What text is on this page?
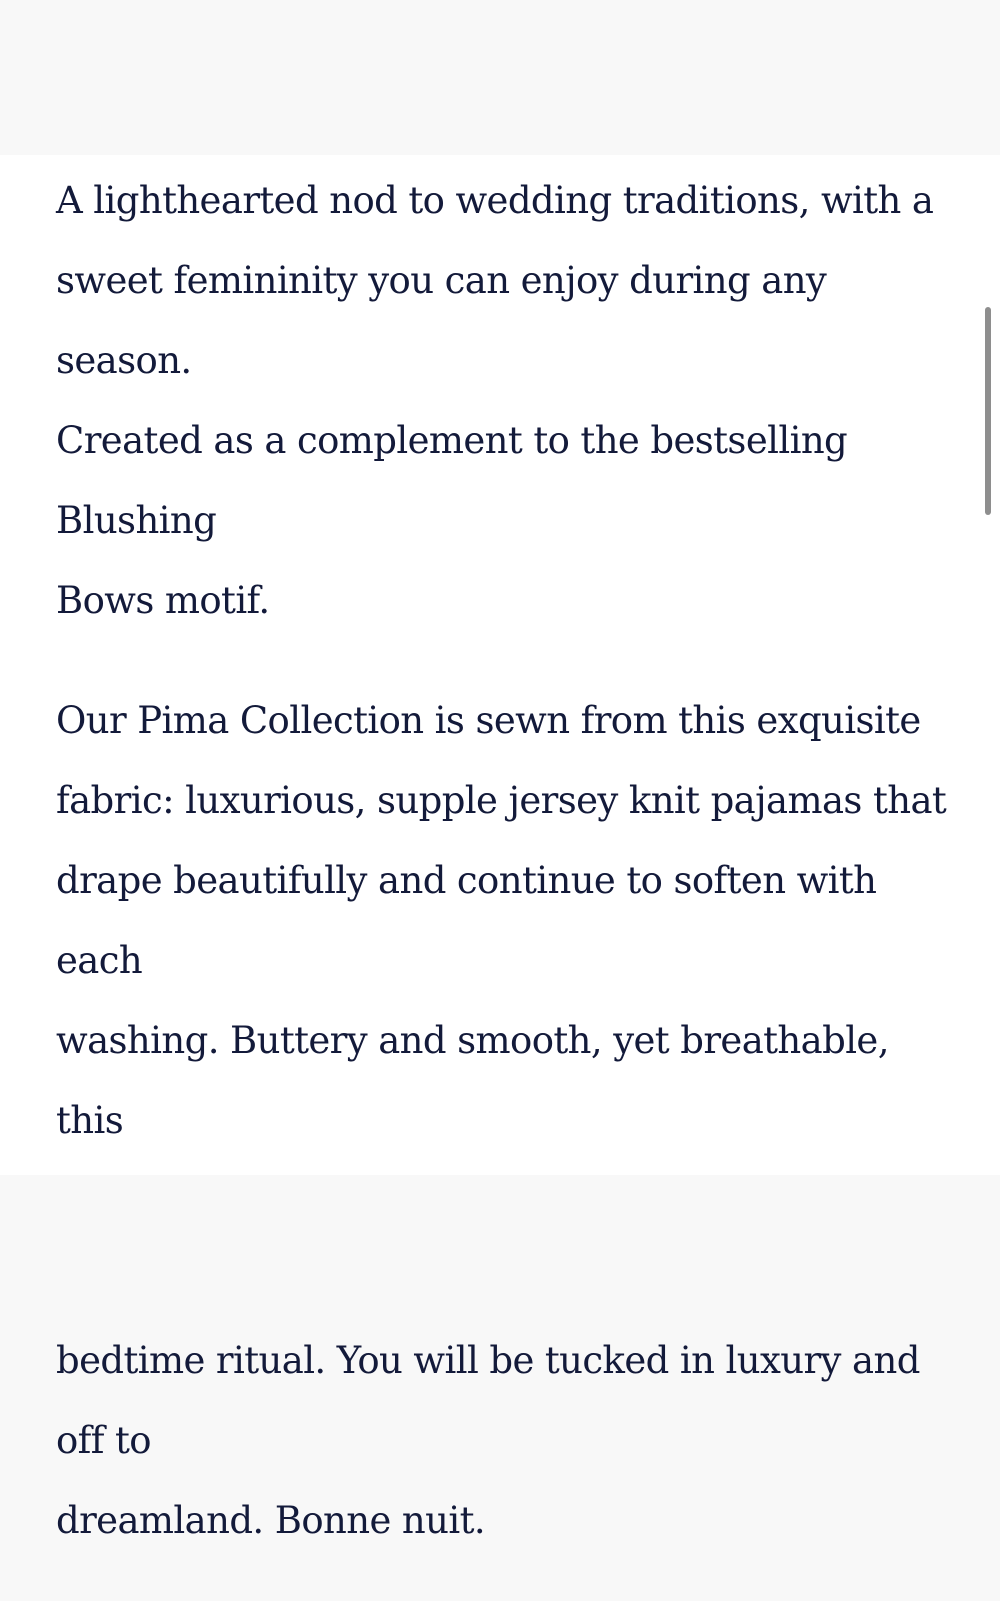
A lighthearted nod to wedding traditions, with a
sweet femininity you can enjoy during any season.
Created as a complement to the bestselling Blushing
Bows motif.

Our Pima Collection is sewn from this exquisite
fabric: luxurious, supple jersey knit pajamas that
drape beautifully and continue to soften with each
washing. Buttery and smooth, yet breathable, this

bedtime ritual. You will be tucked in luxury and off to
dreamland. Bonne nuit.
